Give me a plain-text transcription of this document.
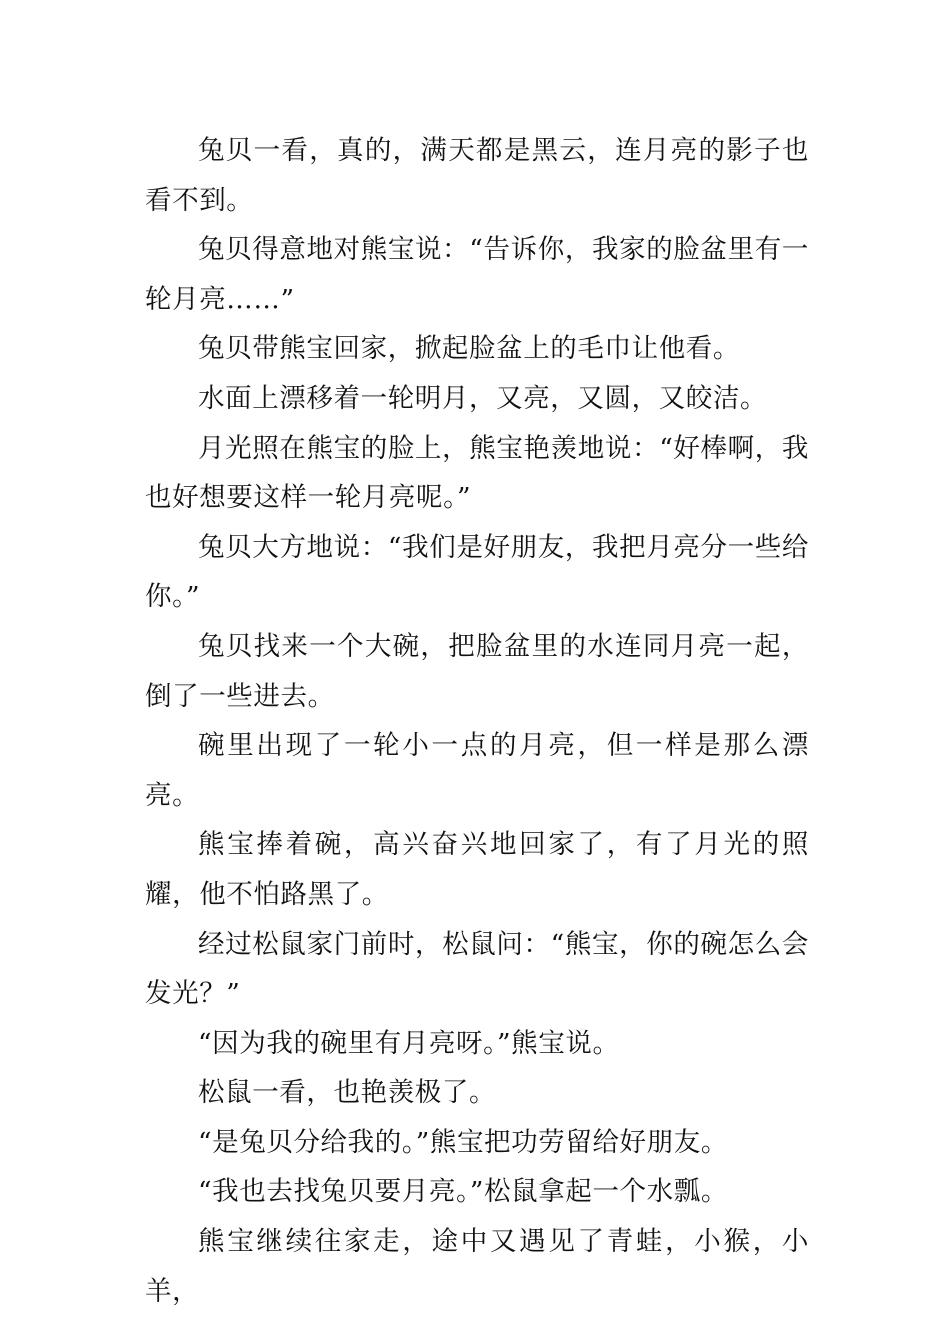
兔贝一看，真的，满天都是黑云，连月亮的影子也看不到。

兔贝得意地对熊宝说：“告诉你，我家的脸盆里有一轮月亮……”

兔贝带熊宝回家，掀起脸盆上的毛巾让他看。

水面上漂移着一轮明月，又亮，又圆，又皎洁。

月光照在熊宝的脸上，熊宝艳羡地说：“好棒啊，我也好想要这样一轮月亮呢。”

兔贝大方地说：“我们是好朋友，我把月亮分一些给你。”

兔贝找来一个大碗，把脸盆里的水连同月亮一起，倒了一些进去。

碗里出现了一轮小一点的月亮，但一样是那么漂亮。

熊宝捧着碗，高兴奋兴地回家了，有了月光的照耀，他不怕路黑了。

经过松鼠家门前时，松鼠问：“熊宝，你的碗怎么会发光？”

“因为我的碗里有月亮呀。”熊宝说。

松鼠一看，也艳羡极了。

“是兔贝分给我的。”熊宝把功劳留给好朋友。

“我也去找兔贝要月亮。”松鼠拿起一个水瓢。

熊宝继续往家走，途中又遇见了青蛙，小猴，小羊，
